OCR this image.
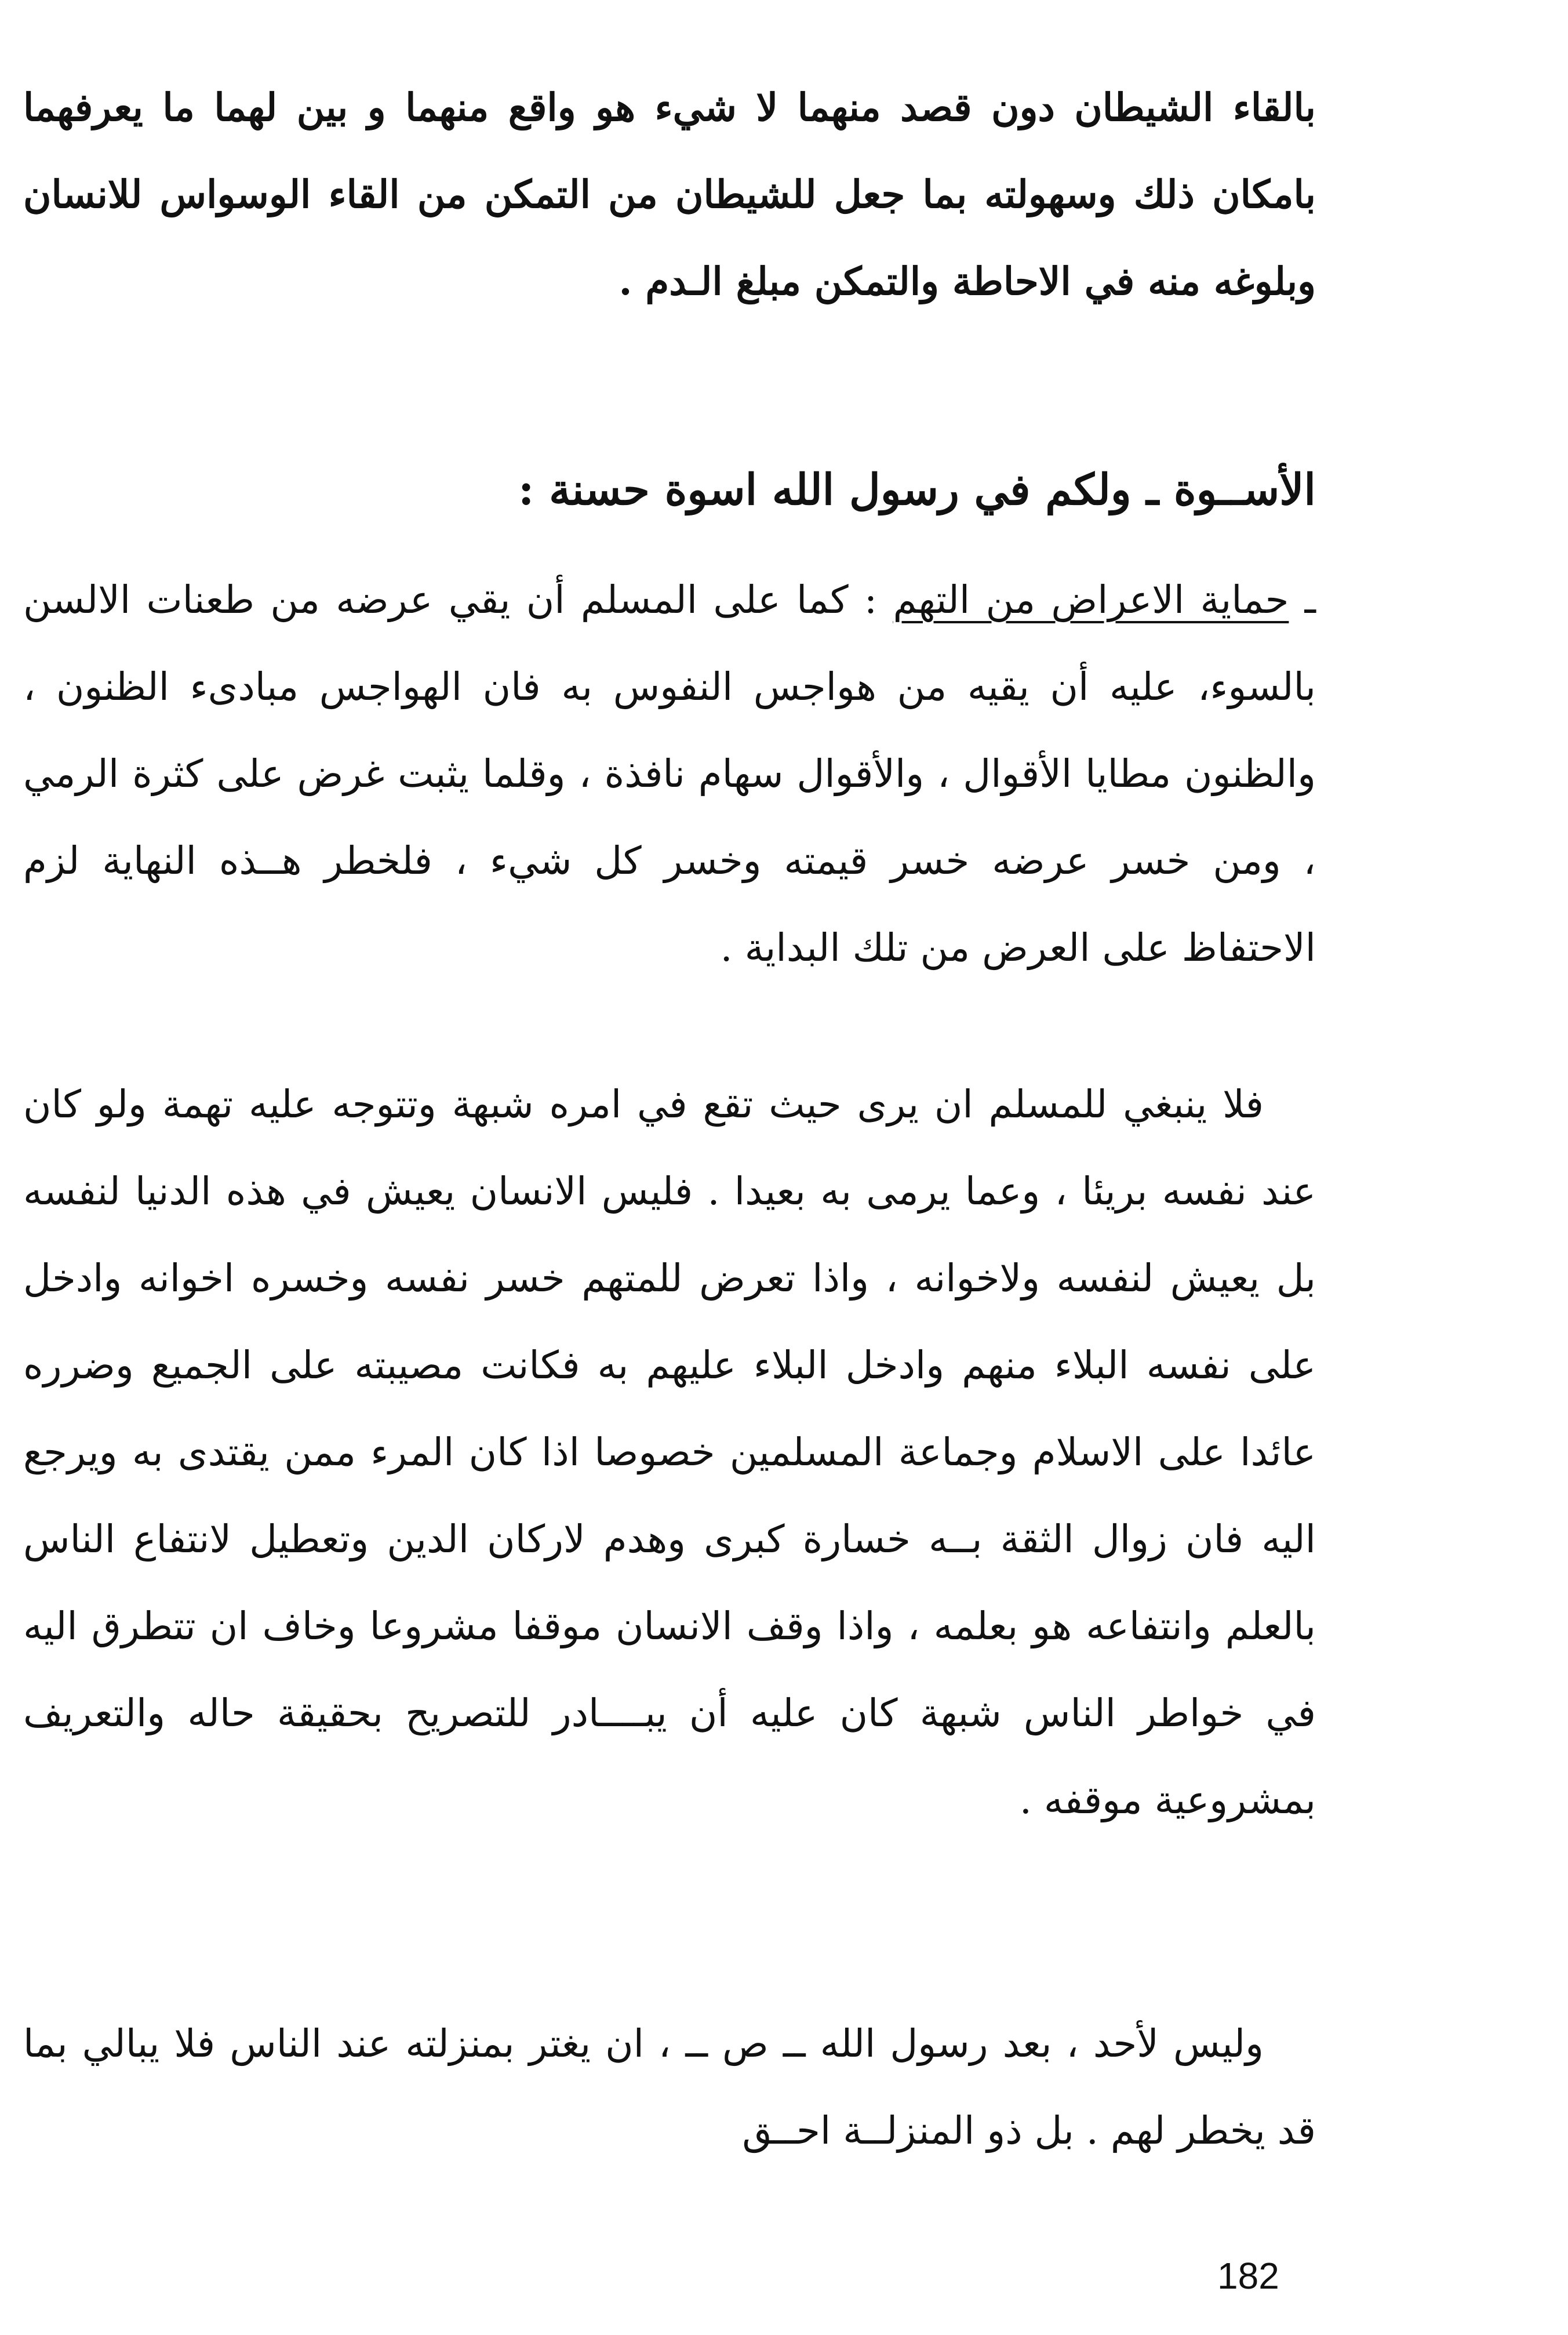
بالقاء الشيطان دون قصد منهما لا شيء هو واقع منهما و بين لهما ما يعرفهما بامكان ذلك وسهولته بما جعل للشيطان من التمكن من القاء الوسواس للانسان وبلوغه منه في الاحاطة والتمكن مبلغ الـدم .

الأســوة ـ ولكم في رسول الله اسوة حسنة :

ـ حماية الاعراض من التهم : كما على المسلم أن يقي عرضه من طعنات الالسن بالسوء، عليه أن يقيه من هواجس النفوس به فان الهواجس مبادىء الظنون ، والظنون مطايا الأقوال ، والأقوال سهام نافذة ، وقلما يثبت غرض على كثرة الرمي ، ومن خسر عرضه خسر قيمته وخسر كل شيء ، فلخطر هــذه النهاية لزم الاحتفاظ على العرض من تلك البداية .

فلا ينبغي للمسلم ان يرى حيث تقع في امره شبهة وتتوجه عليه تهمة ولو كان عند نفسه بريئا ، وعما يرمى به بعيدا . فليس الانسان يعيش في هذه الدنيا لنفسه بل يعيش لنفسه ولاخوانه ، واذا تعرض للمتهم خسر نفسه وخسره اخوانه وادخل على نفسه البلاء منهم وادخل البلاء عليهم به فكانت مصيبته على الجميع وضرره عائدا على الاسلام وجماعة المسلمين خصوصا اذا كان المرء ممن يقتدى به ويرجع اليه فان زوال الثقة بــه خسارة كبرى وهدم لاركان الدين وتعطيل لانتفاع الناس بالعلم وانتفاعه هو بعلمه ، واذا وقف الانسان موقفا مشروعا وخاف ان تتطرق اليه في خواطر الناس شبهة كان عليه أن يبــــادر للتصريح بحقيقة حاله والتعريف بمشروعية موقفه .

وليس لأحد ، بعد رسول الله ــ ص ــ ، ان يغتر بمنزلته عند الناس فلا يبالي بما قد يخطر لهم . بل ذو المنزلــة احــق

182
